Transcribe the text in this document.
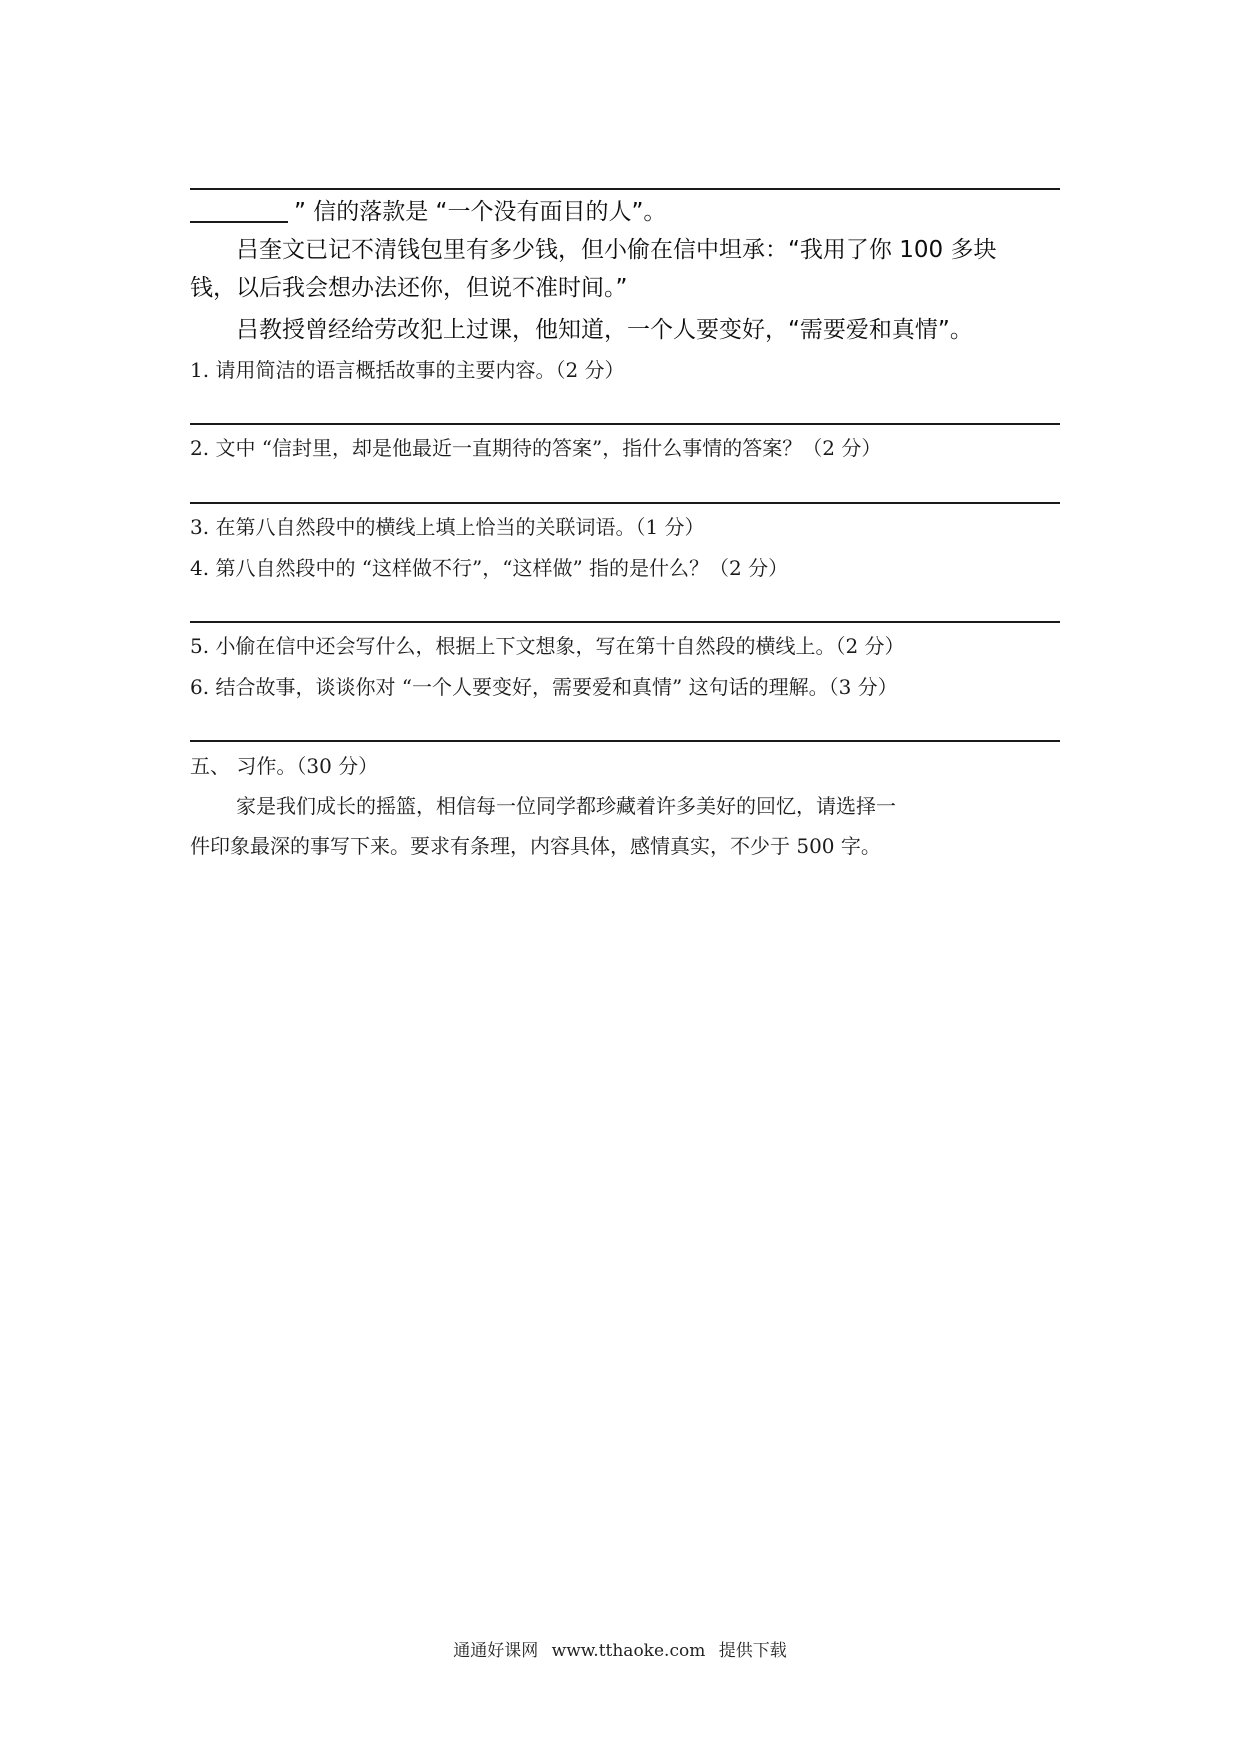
” 信的落款是 “一个没有面目的人”。
吕奎文已记不清钱包里有多少钱，但小偷在信中坦承：“我用了你 100 多块
钱，以后我会想办法还你，但说不准时间。”
吕教授曾经给劳改犯上过课，他知道，一个人要变好，“需要爱和真情”。
1. 请用简洁的语言概括故事的主要内容。（2 分）
2. 文中 “信封里，却是他最近一直期待的答案”，指什么事情的答案？（2 分）
3. 在第八自然段中的横线上填上恰当的关联词语。（1 分）
4. 第八自然段中的 “这样做不行”，“这样做” 指的是什么？（2 分）
5. 小偷在信中还会写什么，根据上下文想象，写在第十自然段的横线上。（2 分）
6. 结合故事，谈谈你对 “一个人要变好，需要爱和真情” 这句话的理解。（3 分）
五、 习作。（30 分）
家是我们成长的摇篮，相信每一位同学都珍藏着许多美好的回忆，请选择一
件印象最深的事写下来。要求有条理，内容具体，感情真实，不少于 500 字。
通通好课网 www.tthaoke.com 提供下载
